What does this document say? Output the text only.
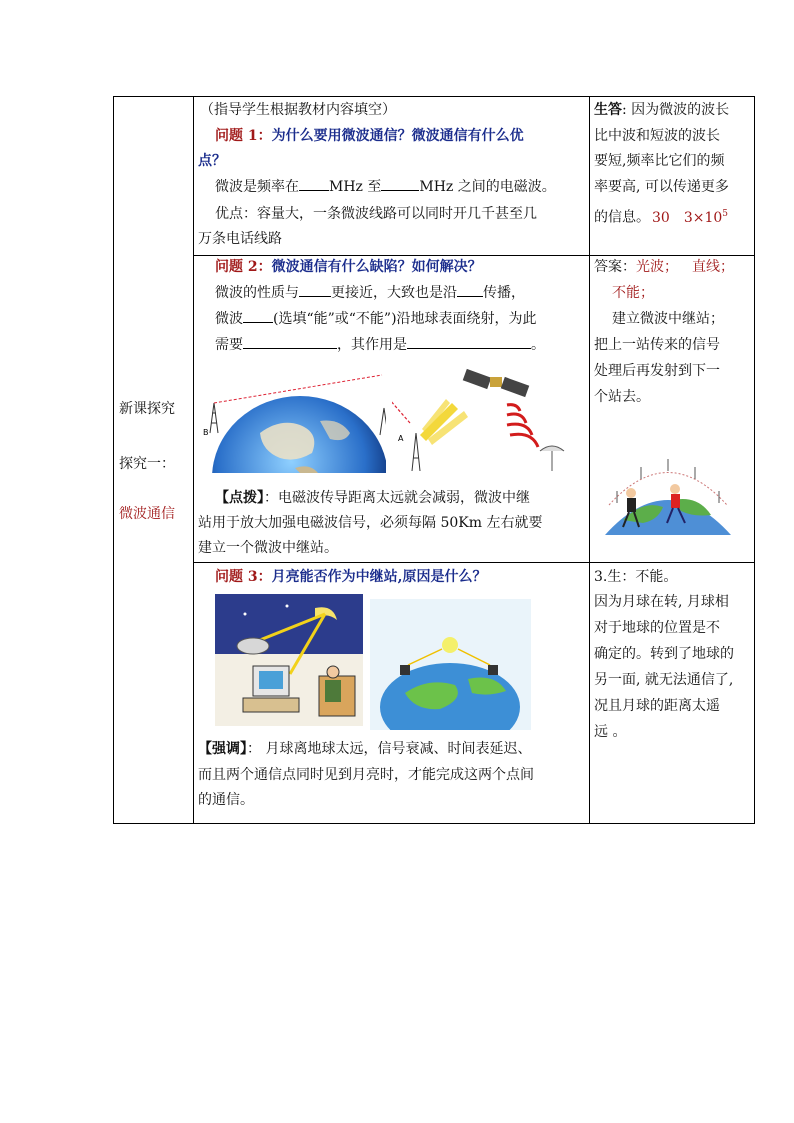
新课探究
探究一：
微波通信
（指导学生根据教材内容填空）
问题 1：为什么要用微波通信？微波通信有什么优
点？
微波是频率在 MHz 至	MHz 之间的电磁波。
优点：容量大，一条微波线路可以同时开几千甚至几
万条电话线路
生答: 因为微波的波长
比中波和短波的波长
要短,频率比它们的频
率要高, 可以传递更多
的信息。 30 $3\times 10^5$
问题 2：微波通信有什么缺陷？如何解决？
微波的性质与 更接近，大致也是沿 传播，
微波 (选填“能”或“不能”)沿地球表面绕射，为此
需要	，其作用是	。
B
A
【点拨】：电磁波传导距离太远就会减弱，微波中继
站用于放大加强电磁波信号，必须每隔 50Km 左右就要
建立一个微波中继站。
答案：光波； 直线；
不能；
建立微波中继站；
把上一站传来的信号
处理后再发射到下一
个站去。
问题 3：月亮能否作为中继站,原因是什么？
【强调】： 月球离地球太远，信号衰减、时间表延迟、
而且两个通信点同时见到月亮时，才能完成这两个点间
的通信。
3.生：不能。
因为月球在转, 月球相
对于地球的位置是不
确定的。转到了地球的
另一面, 就无法通信了,
况且月球的距离太遥
远 。
